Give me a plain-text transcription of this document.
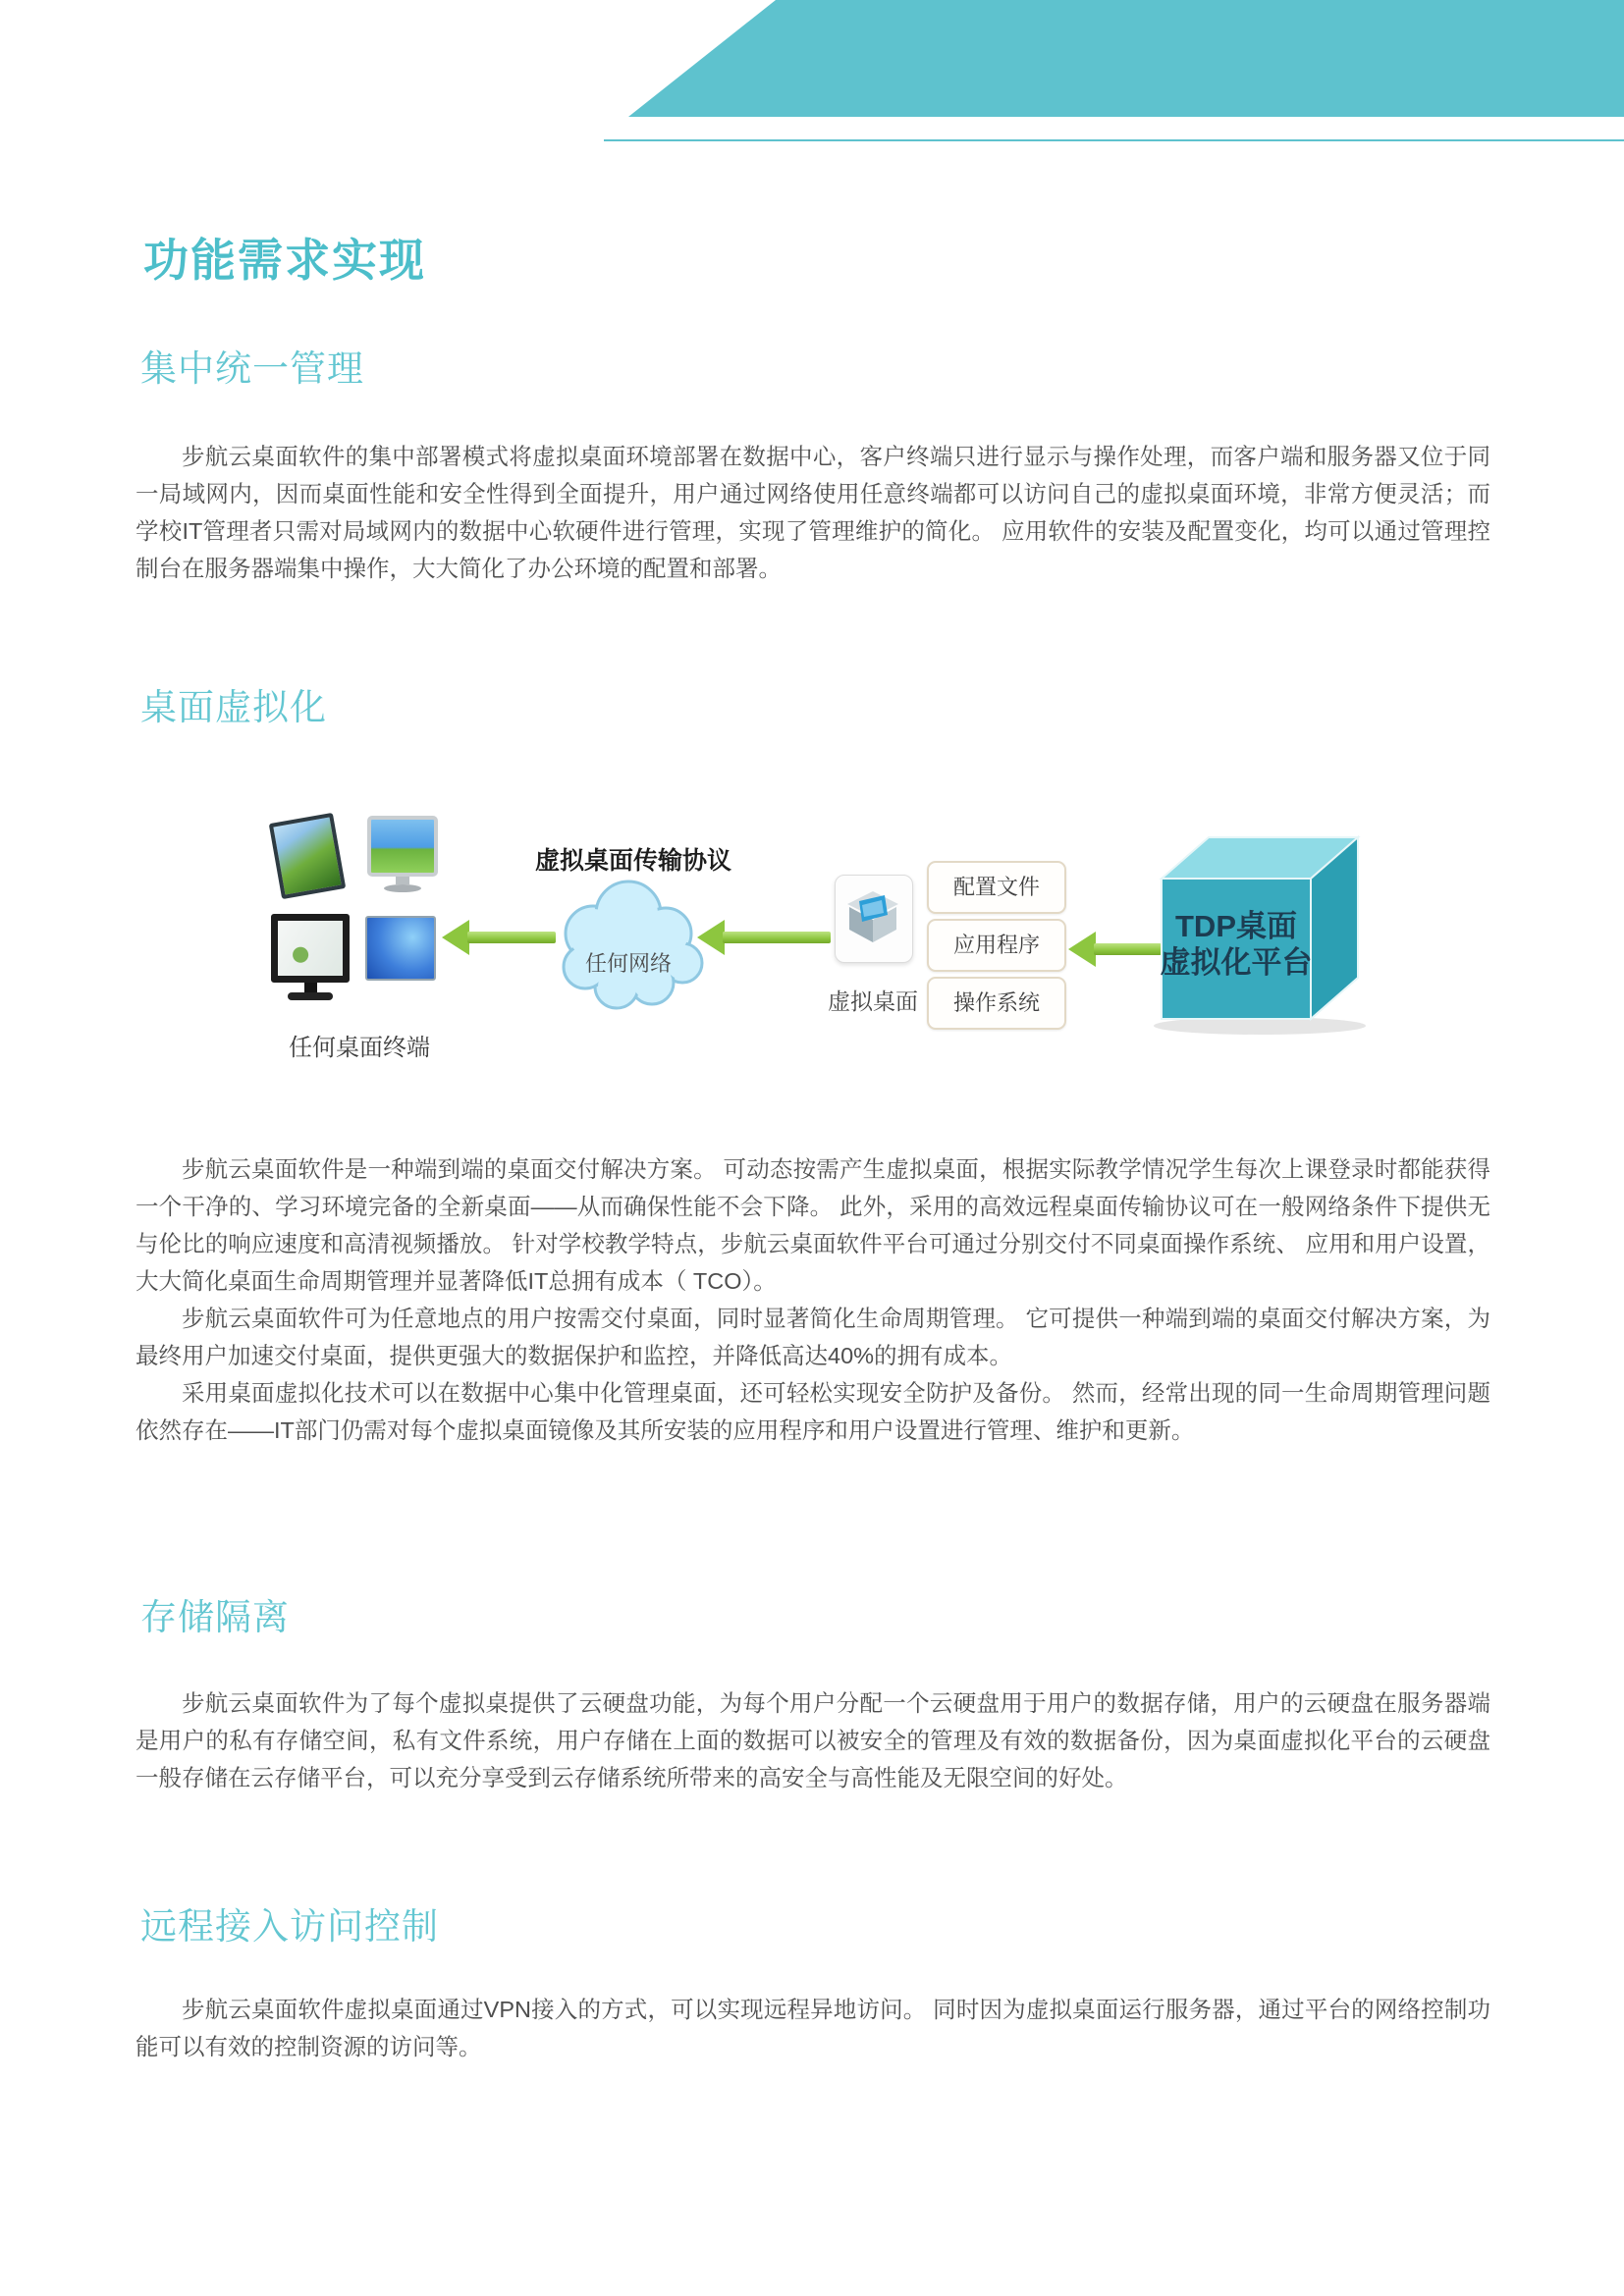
功能需求实现
集中统一管理

步航云桌面软件的集中部署模式将虚拟桌面环境部署在数据中心，客户终端只进行显示与操作处理，而客户端和服务器又位于同一局域网内，因而桌面性能和安全性得到全面提升，用户通过网络使用任意终端都可以访问自己的虚拟桌面环境，非常方便灵活；而学校IT管理者只需对局域网内的数据中心软硬件进行管理，实现了管理维护的简化。 应用软件的安装及配置变化，均可以通过管理控制台在服务器端集中操作，大大简化了办公环境的配置和部署。

桌面虚拟化
任何桌面终端
虚拟桌面传输协议
任何网络
虚拟桌面
配置文件
应用程序
操作系统
TDP桌面
虚拟化平台

步航云桌面软件是一种端到端的桌面交付解决方案。 可动态按需产生虚拟桌面，根据实际教学情况学生每次上课登录时都能获得一个干净的、学习环境完备的全新桌面——从而确保性能不会下降。 此外，采用的高效远程桌面传输协议可在一般网络条件下提供无与伦比的响应速度和高清视频播放。 针对学校教学特点，步航云桌面软件平台可通过分别交付不同桌面操作系统、 应用和用户设置，大大简化桌面生命周期管理并显著降低IT总拥有成本（ TCO）。

步航云桌面软件可为任意地点的用户按需交付桌面，同时显著简化生命周期管理。 它可提供一种端到端的桌面交付解决方案，为最终用户加速交付桌面，提供更强大的数据保护和监控，并降低高达40%的拥有成本。

采用桌面虚拟化技术可以在数据中心集中化管理桌面，还可轻松实现安全防护及备份。 然而，经常出现的同一生命周期管理问题依然存在——IT部门仍需对每个虚拟桌面镜像及其所安装的应用程序和用户设置进行管理、维护和更新。

存储隔离

步航云桌面软件为了每个虚拟桌提供了云硬盘功能，为每个用户分配一个云硬盘用于用户的数据存储，用户的云硬盘在服务器端是用户的私有存储空间，私有文件系统，用户存储在上面的数据可以被安全的管理及有效的数据备份，因为桌面虚拟化平台的云硬盘一般存储在云存储平台，可以充分享受到云存储系统所带来的高安全与高性能及无限空间的好处。

远程接入访问控制

步航云桌面软件虚拟桌面通过VPN接入的方式，可以实现远程异地访问。 同时因为虚拟桌面运行服务器，通过平台的网络控制功能可以有效的控制资源的访问等。
